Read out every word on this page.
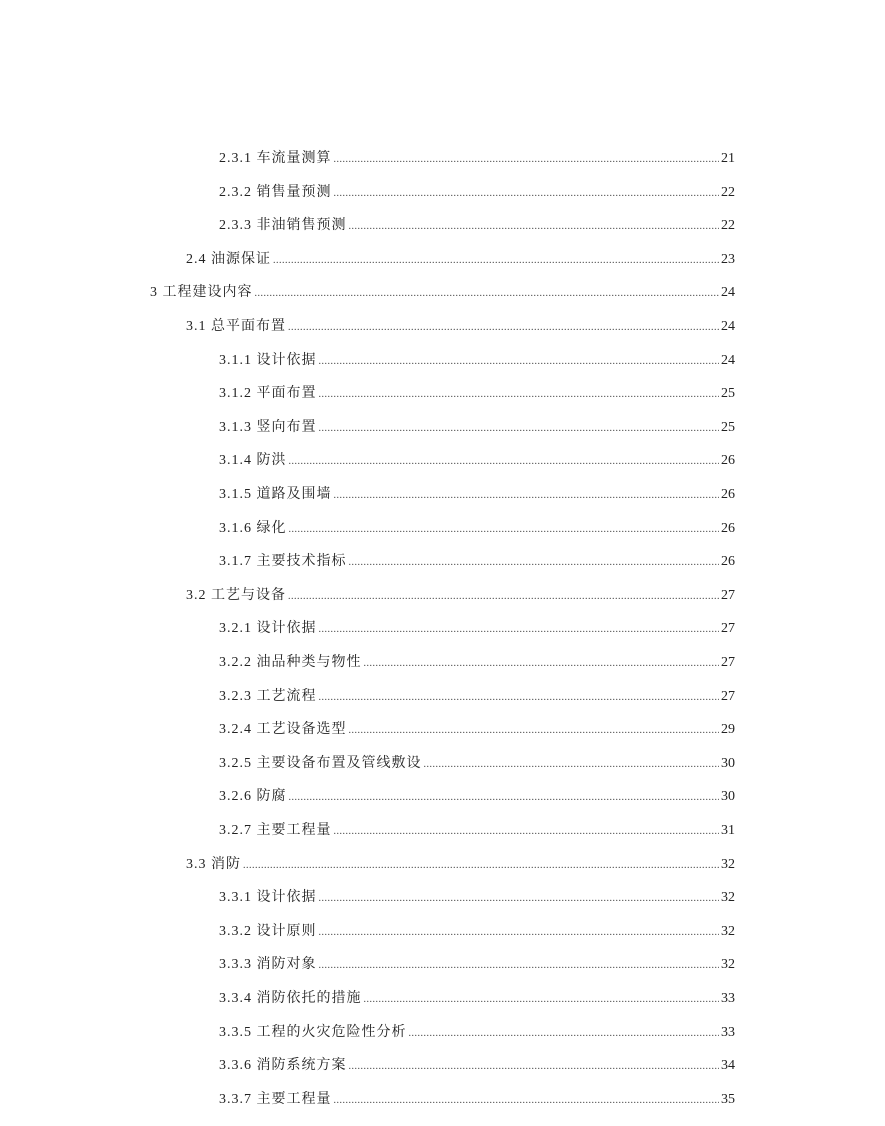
2.3.1 车流量测算 .....	21
2.3.2 销售量预测 .....	22
2.3.3 非油销售预测 .....	22
2.4 油源保证 .....	23
3 工程建设内容 .....	24
3.1 总平面布置 .....	24
3.1.1 设计依据 .....	24
3.1.2 平面布置 .....	25
3.1.3 竖向布置 .....	25
3.1.4 防洪 .....	26
3.1.5 道路及围墙 .....	26
3.1.6 绿化 .....	26
3.1.7 主要技术指标 .....	26
3.2 工艺与设备 .....	27
3.2.1 设计依据 .....	27
3.2.2 油品种类与物性 .....	27
3.2.3 工艺流程 .....	27
3.2.4 工艺设备选型 .....	29
3.2.5 主要设备布置及管线敷设 .....	30
3.2.6 防腐 .....	30
3.2.7 主要工程量 .....	31
3.3 消防 .....	32
3.3.1 设计依据 .....	32
3.3.2 设计原则 .....	32
3.3.3 消防对象 .....	32
3.3.4 消防依托的措施 .....	33
3.3.5 工程的火灾危险性分析 .....	33
3.3.6 消防系统方案 .....	34
3.3.7 主要工程量 .....	35
